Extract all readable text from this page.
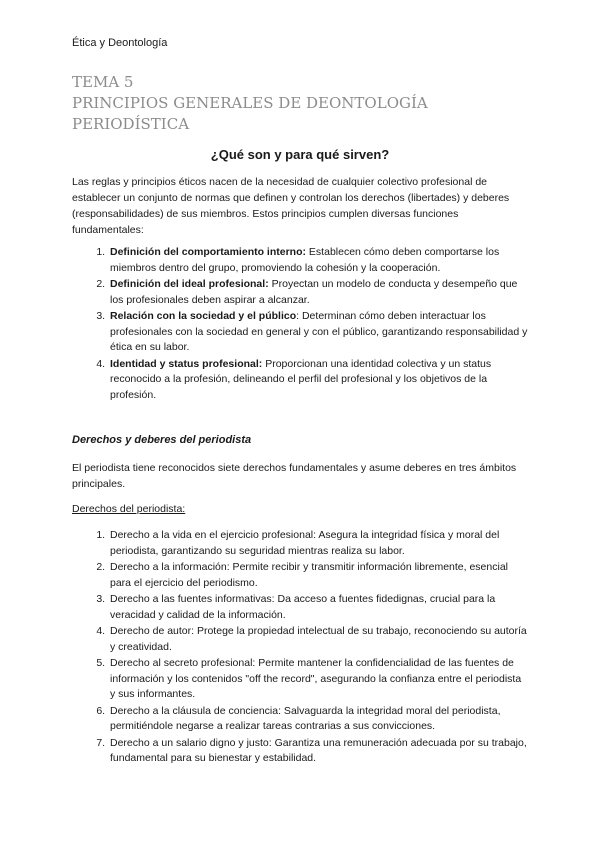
Ética y Deontología
TEMA 5
PRINCIPIOS GENERALES DE DEONTOLOGÍA PERIODÍSTICA
¿Qué son y para qué sirven?

Las reglas y principios éticos nacen de la necesidad de cualquier colectivo profesional de establecer un conjunto de normas que definen y controlan los derechos (libertades) y deberes (responsabilidades) de sus miembros. Estos principios cumplen diversas funciones fundamentales:

1. Definición del comportamiento interno: Establecen cómo deben comportarse los miembros dentro del grupo, promoviendo la cohesión y la cooperación.
2. Definición del ideal profesional: Proyectan un modelo de conducta y desempeño que los profesionales deben aspirar a alcanzar.
3. Relación con la sociedad y el público: Determinan cómo deben interactuar los profesionales con la sociedad en general y con el público, garantizando responsabilidad y ética en su labor.
4. Identidad y status profesional: Proporcionan una identidad colectiva y un status reconocido a la profesión, delineando el perfil del profesional y los objetivos de la profesión.

Derechos y deberes del periodista

El periodista tiene reconocidos siete derechos fundamentales y asume deberes en tres ámbitos principales.

Derechos del periodista:

1. Derecho a la vida en el ejercicio profesional: Asegura la integridad física y moral del periodista, garantizando su seguridad mientras realiza su labor.
2. Derecho a la información: Permite recibir y transmitir información libremente, esencial para el ejercicio del periodismo.
3. Derecho a las fuentes informativas: Da acceso a fuentes fidedignas, crucial para la veracidad y calidad de la información.
4. Derecho de autor: Protege la propiedad intelectual de su trabajo, reconociendo su autoría y creatividad.
5. Derecho al secreto profesional: Permite mantener la confidencialidad de las fuentes de información y los contenidos "off the record", asegurando la confianza entre el periodista y sus informantes.
6. Derecho a la cláusula de conciencia: Salvaguarda la integridad moral del periodista, permitiéndole negarse a realizar tareas contrarias a sus convicciones.
7. Derecho a un salario digno y justo: Garantiza una remuneración adecuada por su trabajo, fundamental para su bienestar y estabilidad.
